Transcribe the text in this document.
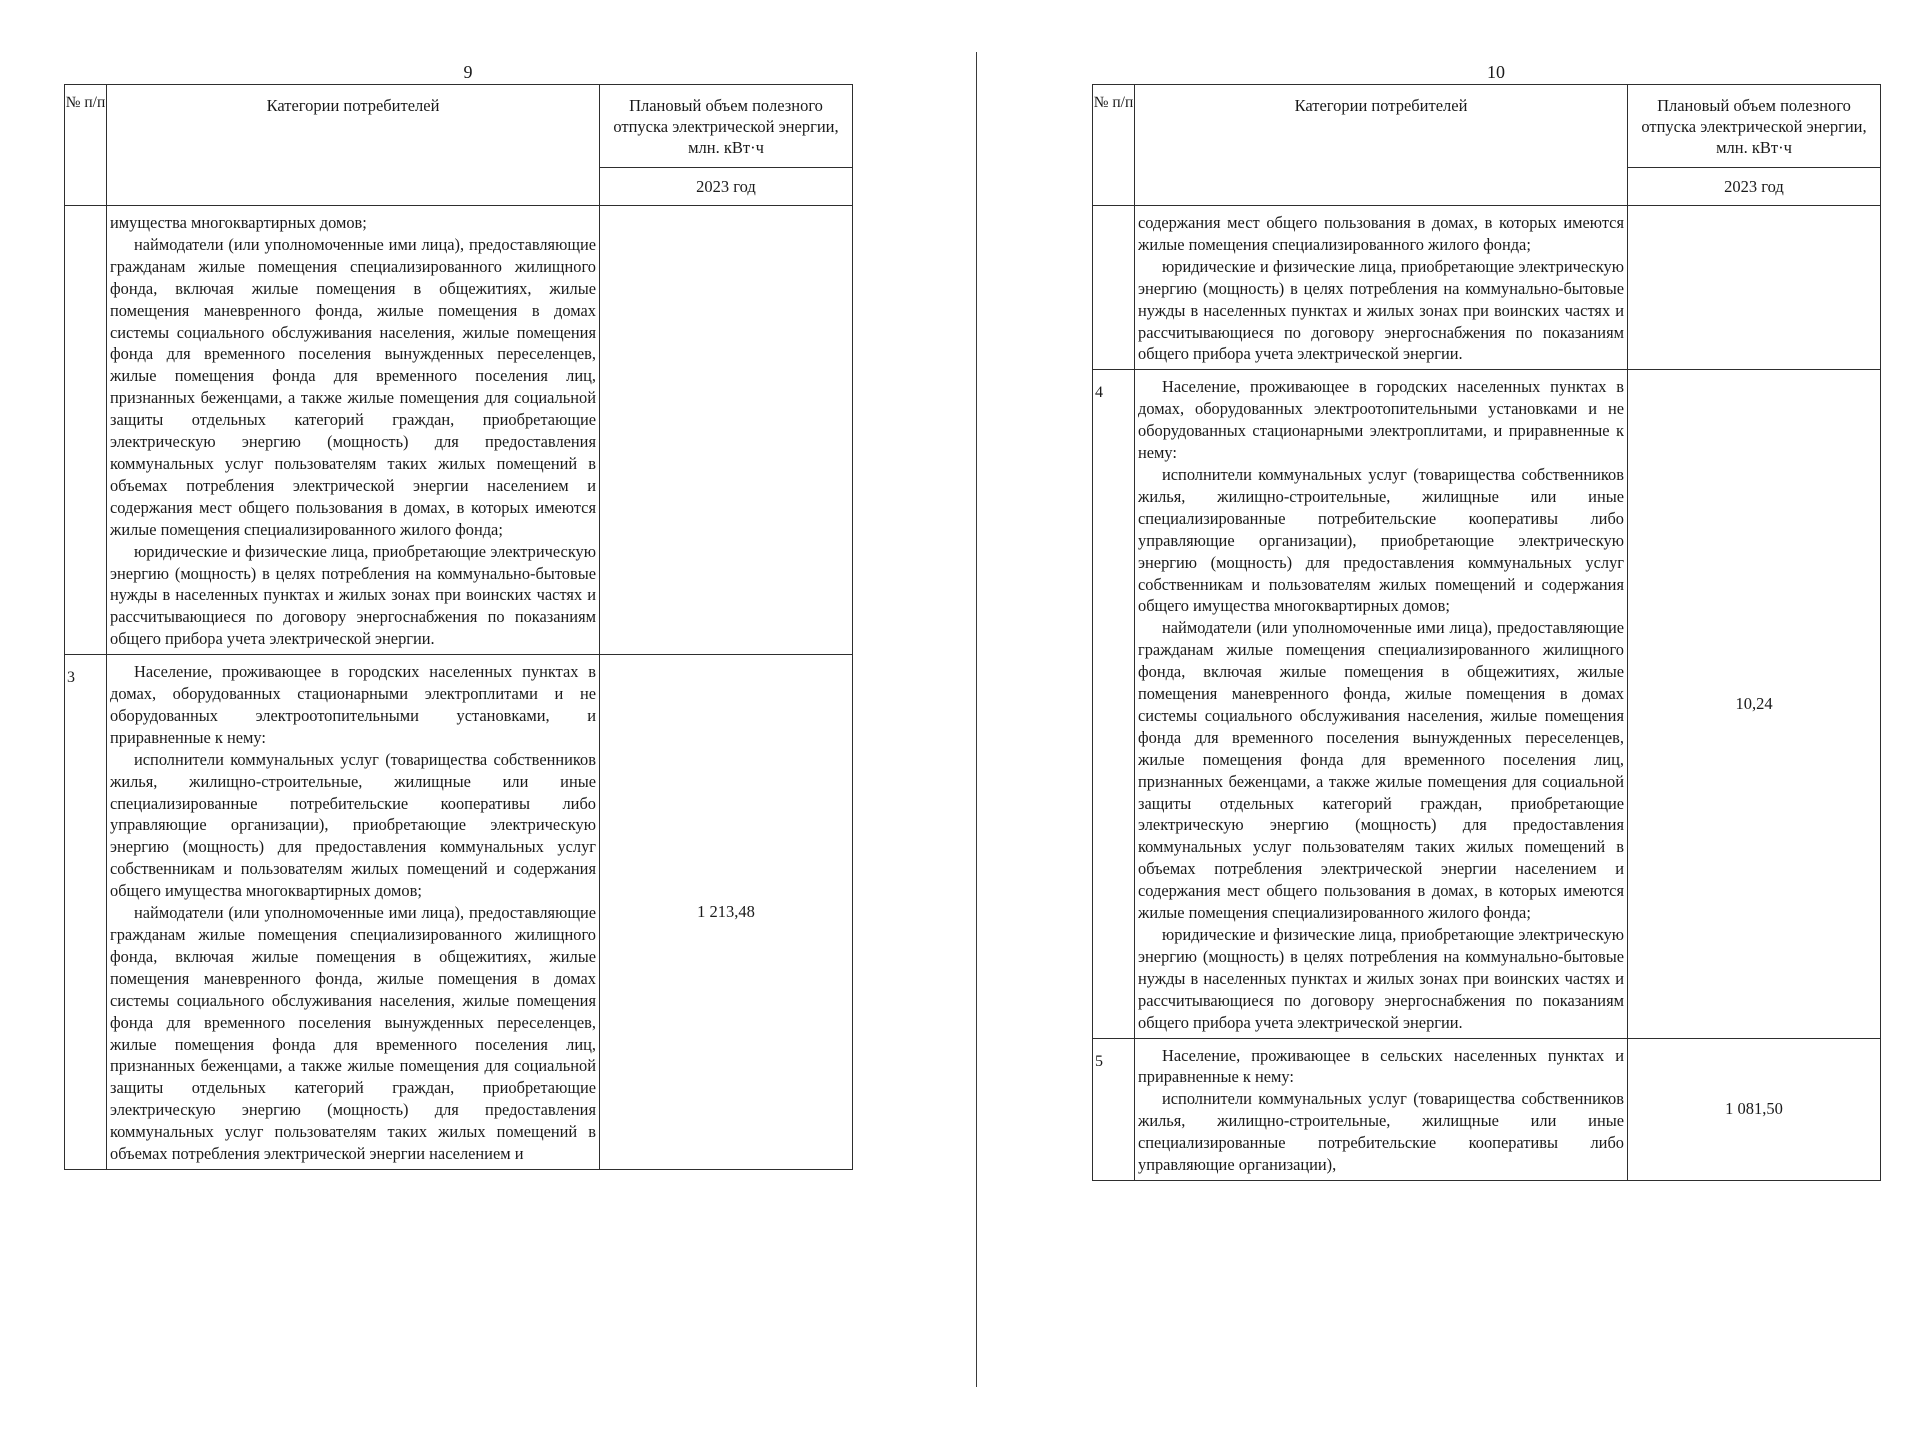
9
№ п/п	Категории потребителей	Плановый объем полезного отпуска электрической энергии, млн. кВт·ч
		2023 год

	имущества многоквартирных домов;

наймодатели (или уполномоченные ими лица), предоставляющие гражданам жилые помещения специализированного жилищного фонда, включая жилые помещения в общежитиях, жилые помещения маневренного фонда, жилые помещения в домах системы социального обслуживания населения, жилые помещения фонда для временного поселения вынужденных переселенцев, жилые помещения фонда для временного поселения лиц, признанных беженцами, а также жилые помещения для социальной защиты отдельных категорий граждан, приобретающие электрическую энергию (мощность) для предоставления коммунальных услуг пользователям таких жилых помещений в объемах потребления электрической энергии населением и содержания мест общего пользования в домах, в которых имеются жилые помещения специализированного жилого фонда;

юридические и физические лица, приобретающие электрическую энергию (мощность) в целях потребления на коммунально-бытовые нужды в населенных пунктах и жилых зонах при воинских частях и рассчитывающиеся по договору энергоснабжения по показаниям общего прибора учета электрической энергии.	

3	Население, проживающее в городских населенных пунктах в домах, оборудованных стационарными электроплитами и не оборудованных электроотопительными установками, и приравненные к нему:

исполнители коммунальных услуг (товарищества собственников жилья, жилищно-строительные, жилищные или иные специализированные потребительские кооперативы либо управляющие организации), приобретающие электрическую энергию (мощность) для предоставления коммунальных услуг собственникам и пользователям жилых помещений и содержания общего имущества многоквартирных домов;

наймодатели (или уполномоченные ими лица), предоставляющие гражданам жилые помещения специализированного жилищного фонда, включая жилые помещения в общежитиях, жилые помещения маневренного фонда, жилые помещения в домах системы социального обслуживания населения, жилые помещения фонда для временного поселения вынужденных переселенцев, жилые помещения фонда для временного поселения лиц, признанных беженцами, а также жилые помещения для социальной защиты отдельных категорий граждан, приобретающие электрическую энергию (мощность) для предоставления коммунальных услуг пользователям таких жилых помещений в объемах потребления электрической энергии населением и	1 213,48
10
№ п/п	Категории потребителей	Плановый объем полезного отпуска электрической энергии, млн. кВт·ч
		2023 год

	содержания мест общего пользования в домах, в которых имеются жилые помещения специализированного жилого фонда;

юридические и физические лица, приобретающие электрическую энергию (мощность) в целях потребления на коммунально-бытовые нужды в населенных пунктах и жилых зонах при воинских частях и рассчитывающиеся по договору энергоснабжения по показаниям общего прибора учета электрической энергии.	

4	Население, проживающее в городских населенных пунктах в домах, оборудованных электроотопительными установками и не оборудованных стационарными электроплитами, и приравненные к нему:

исполнители коммунальных услуг (товарищества собственников жилья, жилищно-строительные, жилищные или иные специализированные потребительские кооперативы либо управляющие организации), приобретающие электрическую энергию (мощность) для предоставления коммунальных услуг собственникам и пользователям жилых помещений и содержания общего имущества многоквартирных домов;

наймодатели (или уполномоченные ими лица), предоставляющие гражданам жилые помещения специализированного жилищного фонда, включая жилые помещения в общежитиях, жилые помещения маневренного фонда, жилые помещения в домах системы социального обслуживания населения, жилые помещения фонда для временного поселения вынужденных переселенцев, жилые помещения фонда для временного поселения лиц, признанных беженцами, а также жилые помещения для социальной защиты отдельных категорий граждан, приобретающие электрическую энергию (мощность) для предоставления коммунальных услуг пользователям таких жилых помещений в объемах потребления электрической энергии населением и содержания мест общего пользования в домах, в которых имеются жилые помещения специализированного жилого фонда;

юридические и физические лица, приобретающие электрическую энергию (мощность) в целях потребления на коммунально-бытовые нужды в населенных пунктах и жилых зонах при воинских частях и рассчитывающиеся по договору энергоснабжения по показаниям общего прибора учета электрической энергии.	10,24
5	Население, проживающее в сельских населенных пунктах и приравненные к нему:

исполнители коммунальных услуг (товарищества собственников жилья, жилищно-строительные, жилищные или иные специализированные потребительские кооперативы либо управляющие организации),	1 081,50
